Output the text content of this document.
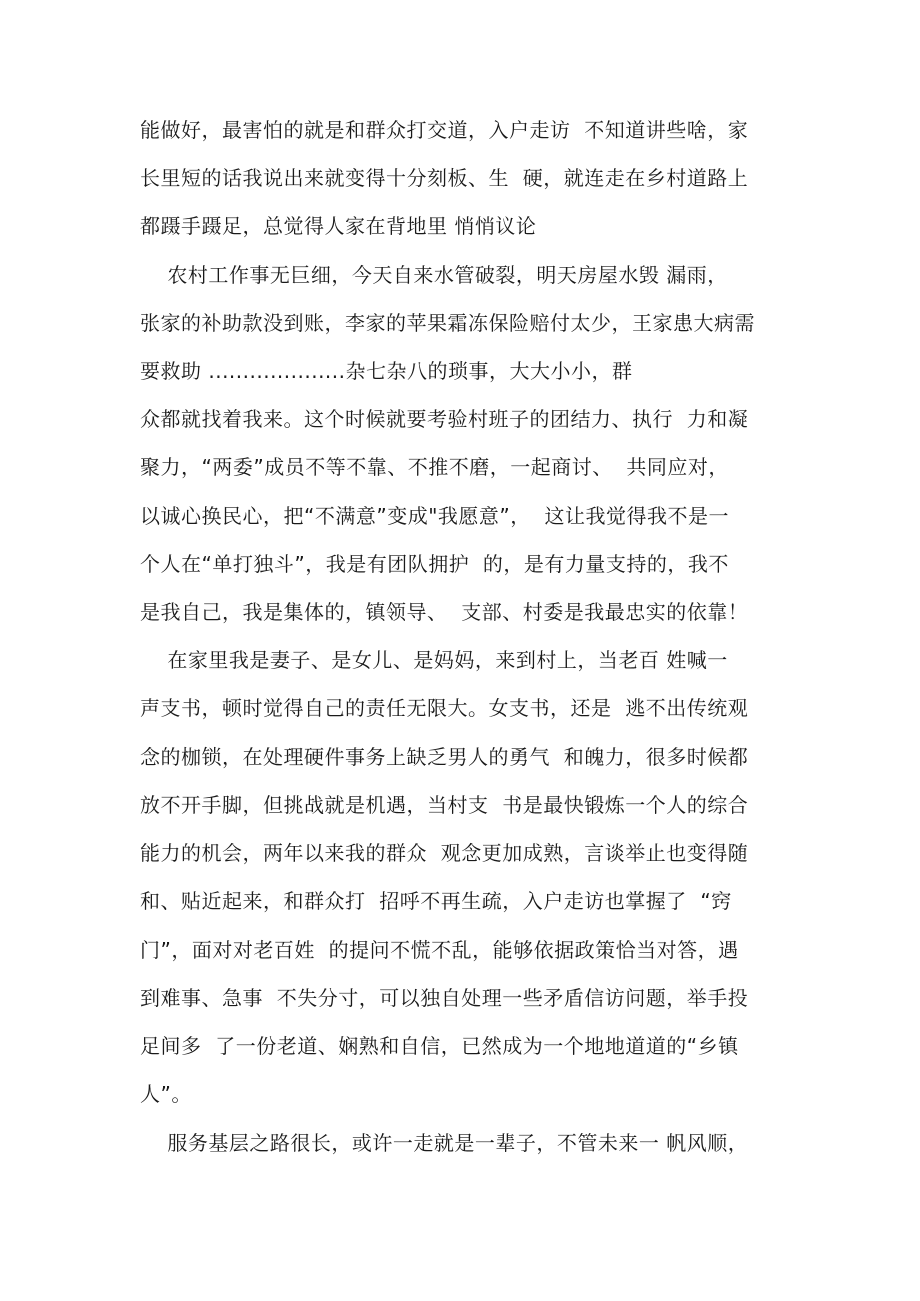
能做好，最害怕的就是和群众打交道，入户走访  不知道讲些啥，家
长里短的话我说出来就变得十分刻板、生  硬，就连走在乡村道路上
都蹑手蹑足，总觉得人家在背地里 悄悄议论
农村工作事无巨细，今天自来水管破裂，明天房屋水毁 漏雨，
张家的补助款没到账，李家的苹果霜冻保险赔付太少，王家患大病需
要救助 ....................杂七杂八的琐事，大大小小，群
众都就找着我来。这个时候就要考验村班子的团结力、执行  力和凝
聚力，“两委”成员不等不靠、不推不磨，一起商讨、  共同应对，
以诚心换民心，把“不满意”变成"我愿意”，  这让我觉得我不是一
个人在“单打独斗”，我是有团队拥护  的，是有力量支持的，我不
是我自己，我是集体的，镇领导、  支部、村委是我最忠实的依靠！
在家里我是妻子、是女儿、是妈妈，来到村上，当老百 姓喊一
声支书，顿时觉得自己的责任无限大。女支书，还是  逃不出传统观
念的枷锁，在处理硬件事务上缺乏男人的勇气  和魄力，很多时候都
放不开手脚，但挑战就是机遇，当村支  书是最快锻炼一个人的综合
能力的机会，两年以来我的群众  观念更加成熟，言谈举止也变得随
和、贴近起来，和群众打  招呼不再生疏，入户走访也掌握了  “窍
门”，面对对老百姓  的提问不慌不乱，能够依据政策恰当对答，遇
到难事、急事  不失分寸，可以独自处理一些矛盾信访问题，举手投
足间多  了一份老道、娴熟和自信，已然成为一个地地道道的“乡镇
人”。
服务基层之路很长，或许一走就是一辈子，不管未来一 帆风顺，
